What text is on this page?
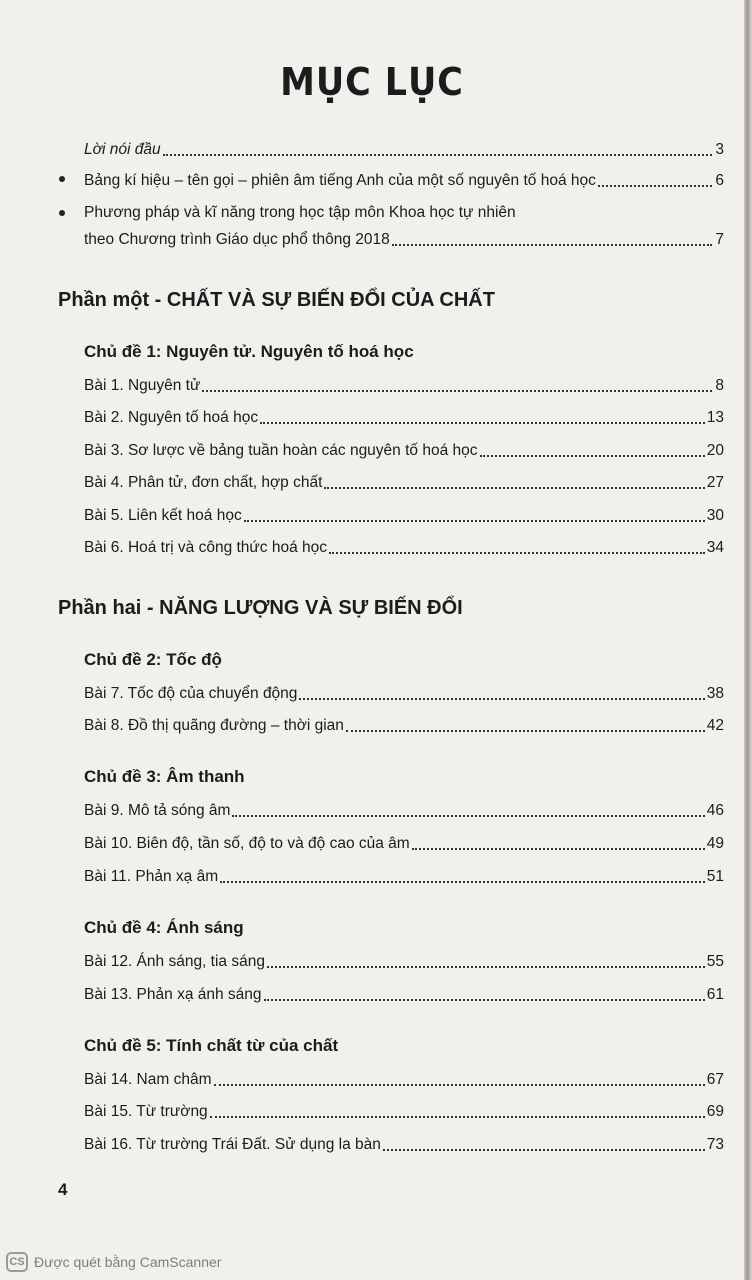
MỤC LỤC
Lời nói đầu	3
Bảng kí hiệu – tên gọi – phiên âm tiếng Anh của một số nguyên tố hoá học	6
Phương pháp và kĩ năng trong học tập môn Khoa học tự nhiên
theo Chương trình Giáo dục phổ thông 2018	7
Phần một - CHẤT VÀ SỰ BIẾN ĐỔI CỦA CHẤT
Chủ đề 1: Nguyên tử. Nguyên tố hoá học
Bài 1. Nguyên tử	8
Bài 2. Nguyên tố hoá học	13
Bài 3. Sơ lược về bảng tuần hoàn các nguyên tố hoá học	20
Bài 4. Phân tử, đơn chất, hợp chất	27
Bài 5. Liên kết hoá học	30
Bài 6. Hoá trị và công thức hoá học	34
Phần hai - NĂNG LƯỢNG VÀ SỰ BIẾN ĐỔI
Chủ đề 2: Tốc độ
Bài 7. Tốc độ của chuyển động	38
Bài 8. Đồ thị quãng đường – thời gian	42
Chủ đề 3: Âm thanh
Bài 9. Mô tả sóng âm	46
Bài 10. Biên độ, tần số, độ to và độ cao của âm	49
Bài 11. Phản xạ âm	51
Chủ đề 4: Ánh sáng
Bài 12. Ánh sáng, tia sáng	55
Bài 13. Phản xạ ánh sáng	61
Chủ đề 5: Tính chất từ của chất
Bài 14. Nam châm	67
Bài 15. Từ trường	69
Bài 16. Từ trường Trái Đất. Sử dụng la bàn	73
4
CS Được quét bằng CamScanner
